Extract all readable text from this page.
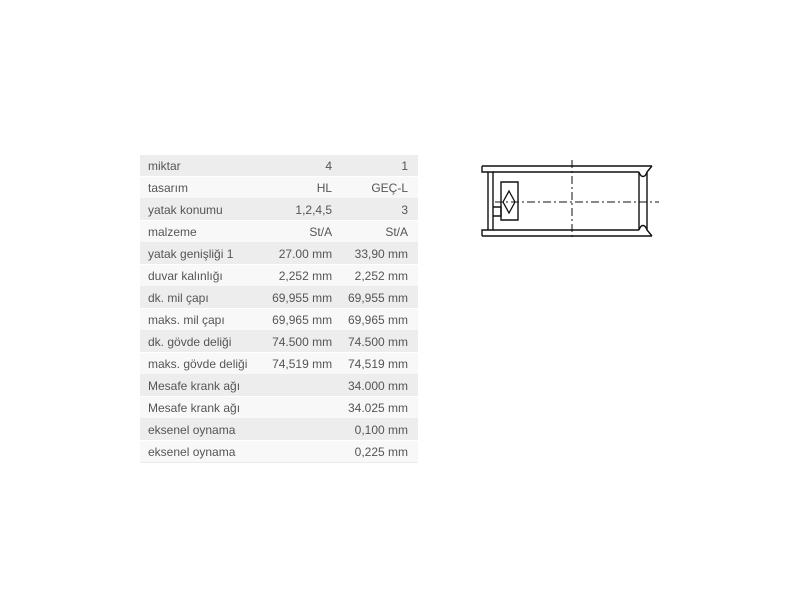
miktar	4	1
tasarım	HL	GEÇ-L
yatak konumu	1,2,4,5	3
malzeme	St/A	St/A
yatak genişliği 1	27.00 mm	33,90 mm
duvar kalınlığı	2,252 mm	2,252 mm
dk. mil çapı	69,955 mm	69,955 mm
maks. mil çapı	69,965 mm	69,965 mm
dk. gövde deliği	74.500 mm	74.500 mm
maks. gövde deliği	74,519 mm	74,519 mm
Mesafe krank ağı		34.000 mm
Mesafe krank ağı		34.025 mm
eksenel oynama		0,100 mm
eksenel oynama		0,225 mm
